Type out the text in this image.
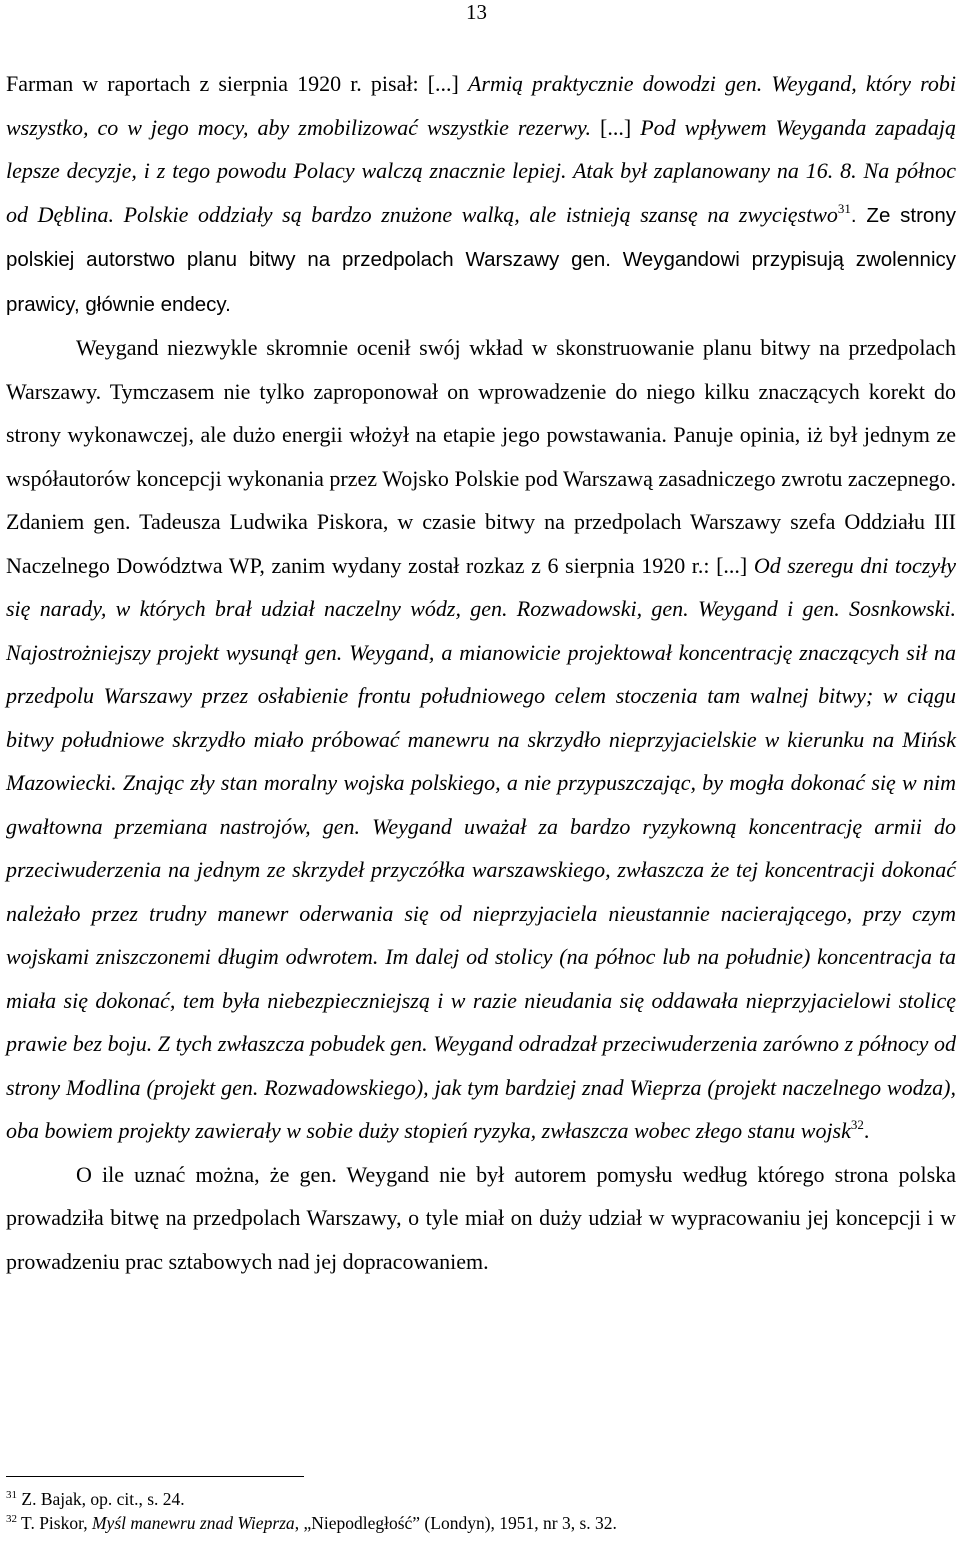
13

Farman w raportach z sierpnia 1920 r. pisał: [...] Armią praktycznie dowodzi gen. Weygand, który robi wszystko, co w jego mocy, aby zmobilizować wszystkie rezerwy. [...] Pod wpływem Weyganda zapadają lepsze decyzje, i z tego powodu Polacy walczą znacznie lepiej. Atak był zaplanowany na 16. 8. Na północ od Dęblina. Polskie oddziały są bardzo znużone walką, ale istnieją szansę na zwycięstwo$^{31}$. Ze strony polskiej autorstwo planu bitwy na przedpolach Warszawy gen. Weygandowi przypisują zwolennicy prawicy, głównie endecy.

Weygand niezwykle skromnie ocenił swój wkład w skonstruowanie planu bitwy na przedpolach Warszawy. Tymczasem nie tylko zaproponował on wprowadzenie do niego kilku znaczących korekt do strony wykonawczej, ale dużo energii włożył na etapie jego powstawania. Panuje opinia, iż był jednym ze współautorów koncepcji wykonania przez Wojsko Polskie pod Warszawą zasadniczego zwrotu zaczepnego. Zdaniem gen. Tadeusza Ludwika Piskora, w czasie bitwy na przedpolach Warszawy szefa Oddziału III Naczelnego Dowództwa WP, zanim wydany został rozkaz z 6 sierpnia 1920 r.: [...] Od szeregu dni toczyły się narady, w których brał udział naczelny wódz, gen. Rozwadowski, gen. Weygand i gen. Sosnkowski. Najostrożniejszy projekt wysunął gen. Weygand, a mianowicie projektował koncentrację znaczących sił na przedpolu Warszawy przez osłabienie frontu południowego celem stoczenia tam walnej bitwy; w ciągu bitwy południowe skrzydło miało próbować manewru na skrzydło nieprzyjacielskie w kierunku na Mińsk Mazowiecki. Znając zły stan moralny wojska polskiego, a nie przypuszczając, by mogła dokonać się w nim gwałtowna przemiana nastrojów, gen. Weygand uważał za bardzo ryzykowną koncentrację armii do przeciwuderzenia na jednym ze skrzydeł przyczółka warszawskiego, zwłaszcza że tej koncentracji dokonać należało przez trudny manewr oderwania się od nieprzyjaciela nieustannie nacierającego, przy czym wojskami zniszczonemi długim odwrotem. Im dalej od stolicy (na północ lub na południe) koncentracja ta miała się dokonać, tem była niebezpieczniejszą i w razie nieudania się oddawała nieprzyjacielowi stolicę prawie bez boju. Z tych zwłaszcza pobudek gen. Weygand odradzał przeciwuderzenia zarówno z północy od strony Modlina (projekt gen. Rozwadowskiego), jak tym bardziej znad Wieprza (projekt naczelnego wodza), oba bowiem projekty zawierały w sobie duży stopień ryzyka, zwłaszcza wobec złego stanu wojsk$^{32}$.

O ile uznać można, że gen. Weygand nie był autorem pomysłu według którego strona polska prowadziła bitwę na przedpolach Warszawy, o tyle miał on duży udział w wypracowaniu jej koncepcji i w prowadzeniu prac sztabowych nad jej dopracowaniem.

$^{31}$ Z. Bajak, op. cit., s. 24.
$^{32}$ T. Piskor, Myśl manewru znad Wieprza, „Niepodległość” (Londyn), 1951, nr 3, s. 32.
